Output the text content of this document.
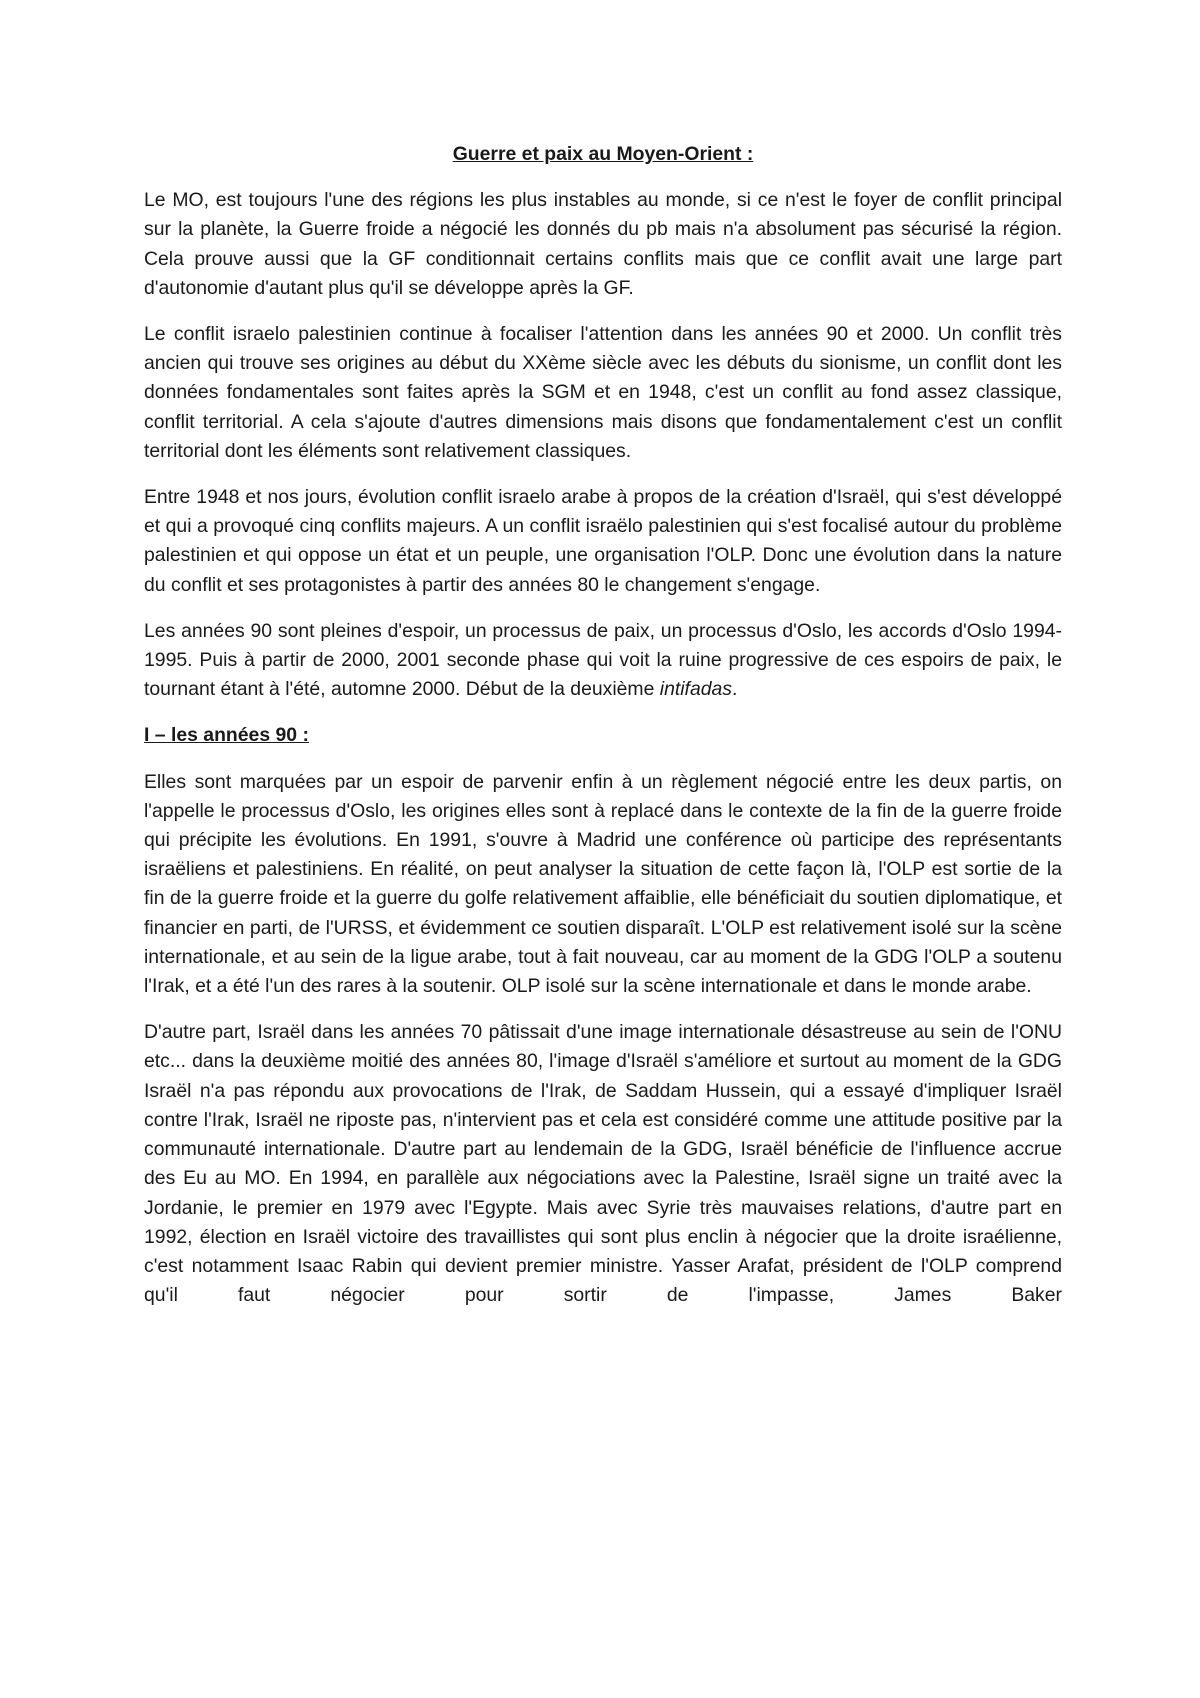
Guerre et paix au Moyen-Orient :

Le MO, est toujours l'une des régions les plus instables au monde, si ce n'est le foyer de conflit principal sur la planète, la Guerre froide a négocié les donnés du pb mais n'a absolument pas sécurisé la région. Cela prouve aussi que la GF conditionnait certains conflits mais que ce conflit avait une large part d'autonomie d'autant plus qu'il se développe après la GF.

Le conflit israelo palestinien continue à focaliser l'attention dans les années 90 et 2000. Un conflit très ancien qui trouve ses origines au début du XXème siècle avec les débuts du sionisme, un conflit dont les données fondamentales sont faites après la SGM et en 1948, c'est un conflit au fond assez classique, conflit territorial. A cela s'ajoute d'autres dimensions mais disons que fondamentalement c'est un conflit territorial dont les éléments sont relativement classiques.

Entre 1948 et nos jours, évolution conflit israelo arabe à propos de la création d'Israël, qui s'est développé et qui a provoqué cinq conflits majeurs. A un conflit israëlo palestinien qui s'est focalisé autour du problème palestinien et qui oppose un état et un peuple, une organisation l'OLP. Donc une évolution dans la nature du conflit et ses protagonistes à partir des années 80 le changement s'engage.

Les années 90 sont pleines d'espoir, un processus de paix, un processus d'Oslo, les accords d'Oslo 1994-1995. Puis à partir de 2000, 2001 seconde phase qui voit la ruine progressive de ces espoirs de paix, le tournant étant à l'été, automne 2000. Début de la deuxième intifadas.

I – les années 90 :

Elles sont marquées par un espoir de parvenir enfin à un règlement négocié entre les deux partis, on l'appelle le processus d'Oslo, les origines elles sont à replacé dans le contexte de la fin de la guerre froide qui précipite les évolutions. En 1991, s'ouvre à Madrid une conférence où participe des représentants israëliens et palestiniens. En réalité, on peut analyser la situation de cette façon là, l'OLP est sortie de la fin de la guerre froide et la guerre du golfe relativement affaiblie, elle bénéficiait du soutien diplomatique, et financier en parti, de l'URSS, et évidemment ce soutien disparaît. L'OLP est relativement isolé sur la scène internationale, et au sein de la ligue arabe, tout à fait nouveau, car au moment de la GDG l'OLP a soutenu l'Irak, et a été l'un des rares à la soutenir. OLP isolé sur la scène internationale et dans le monde arabe.

D'autre part, Israël dans les années 70 pâtissait d'une image internationale désastreuse au sein de l'ONU etc... dans la deuxième moitié des années 80, l'image d'Israël s'améliore et surtout au moment de la GDG Israël n'a pas répondu aux provocations de l'Irak, de Saddam Hussein, qui a essayé d'impliquer Israël contre l'Irak, Israël ne riposte pas, n'intervient pas et cela est considéré comme une attitude positive par la communauté internationale. D'autre part au lendemain de la GDG, Israël bénéficie de l'influence accrue des Eu au MO. En 1994, en parallèle aux négociations avec la Palestine, Israël signe un traité avec la Jordanie, le premier en 1979 avec l'Egypte. Mais avec Syrie très mauvaises relations, d'autre part en 1992, élection en Israël victoire des travaillistes qui sont plus enclin à négocier que la droite israélienne, c'est notamment Isaac Rabin qui devient premier ministre. Yasser Arafat, président de l'OLP comprend qu'il faut négocier pour sortir de l'impasse, James Baker
